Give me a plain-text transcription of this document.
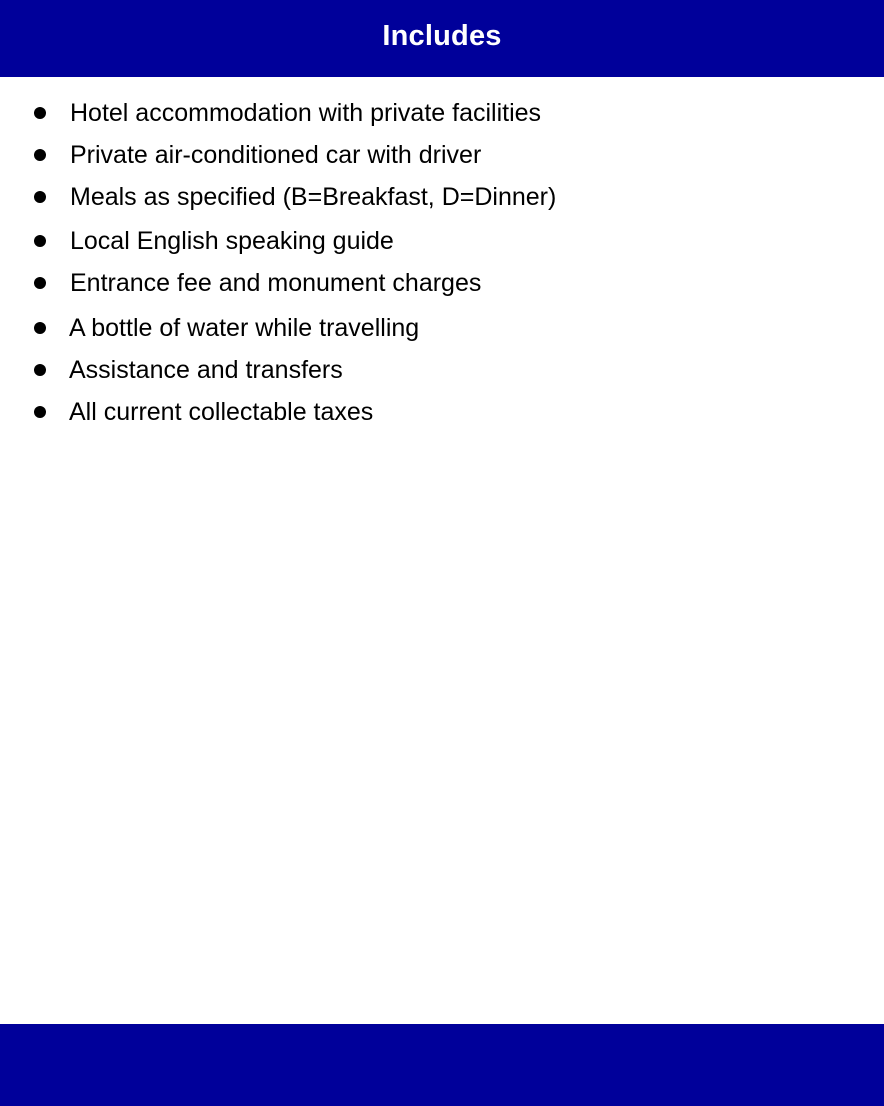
Includes
Hotel accommodation with private facilities
Private air-conditioned car with driver
Meals as specified (B=Breakfast, D=Dinner)
Local English speaking guide
Entrance fee and monument charges
A bottle of water while travelling
Assistance and transfers
All current collectable taxes
